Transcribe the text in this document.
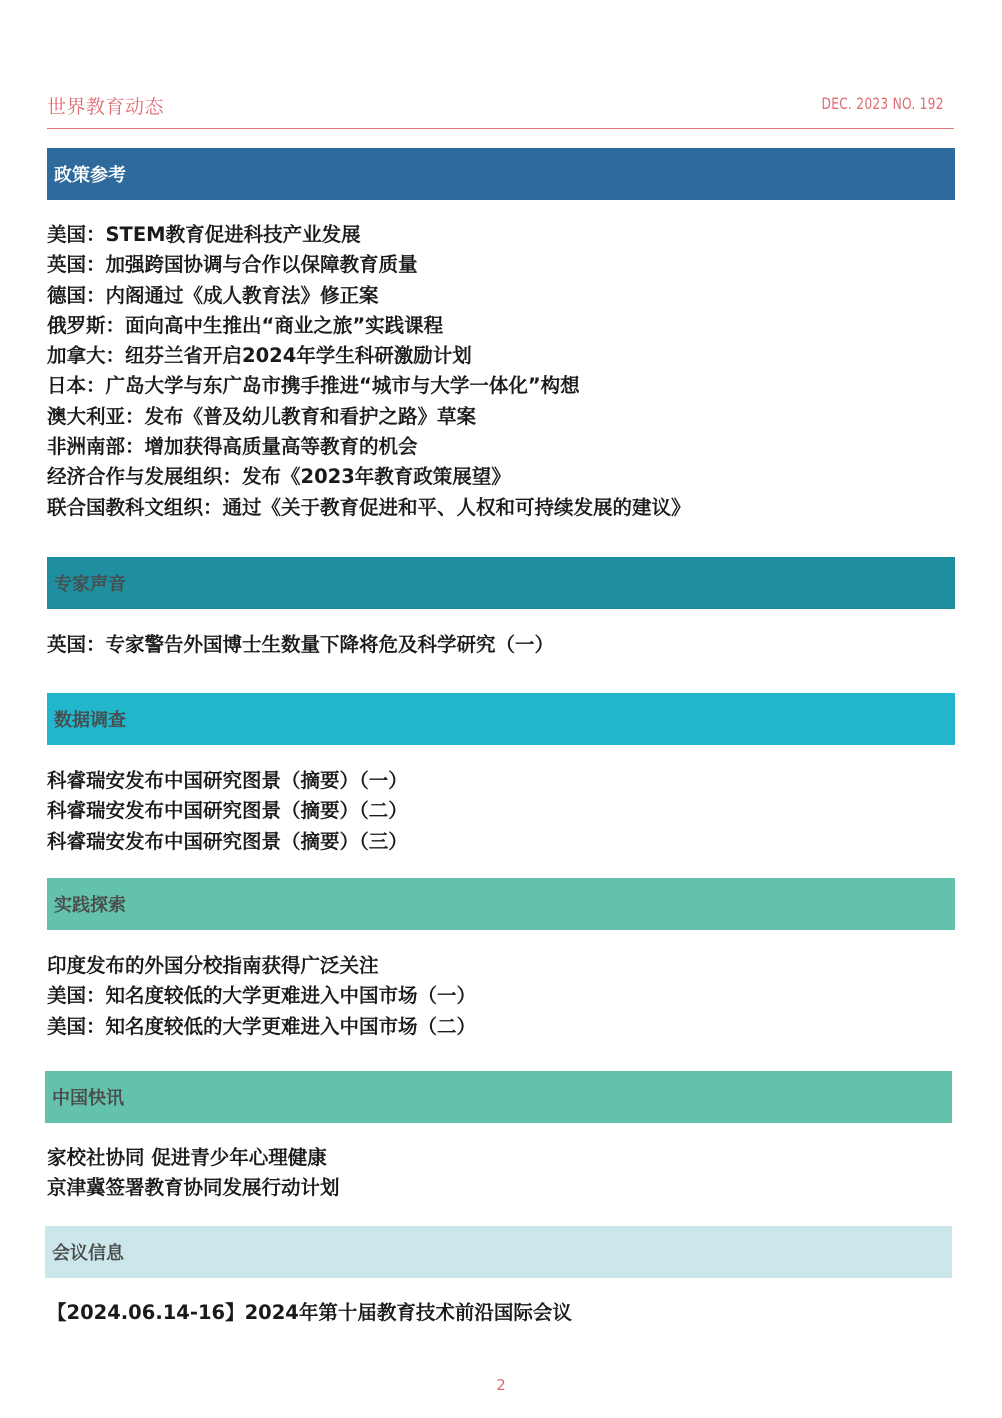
世界教育动态	DEC. 2023 NO. 192
政策参考
美国：STEM教育促进科技产业发展
英国：加强跨国协调与合作以保障教育质量
德国：内阁通过《成人教育法》修正案
俄罗斯：面向高中生推出“商业之旅”实践课程
加拿大：纽芬兰省开启2024年学生科研激励计划
日本：广岛大学与东广岛市携手推进“城市与大学一体化”构想
澳大利亚：发布《普及幼儿教育和看护之路》草案
非洲南部：增加获得高质量高等教育的机会
经济合作与发展组织：发布《2023年教育政策展望》
联合国教科文组织：通过《关于教育促进和平、人权和可持续发展的建议》
专家声音
英国：专家警告外国博士生数量下降将危及科学研究（一）
数据调查
科睿瑞安发布中国研究图景（摘要）（一）
科睿瑞安发布中国研究图景（摘要）（二）
科睿瑞安发布中国研究图景（摘要）（三）
实践探索
印度发布的外国分校指南获得广泛关注
美国：知名度较低的大学更难进入中国市场（一）
美国：知名度较低的大学更难进入中国市场（二）
中国快讯
家校社协同 促进青少年心理健康
京津冀签署教育协同发展行动计划
会议信息
【2024.06.14-16】2024年第十届教育技术前沿国际会议
2
